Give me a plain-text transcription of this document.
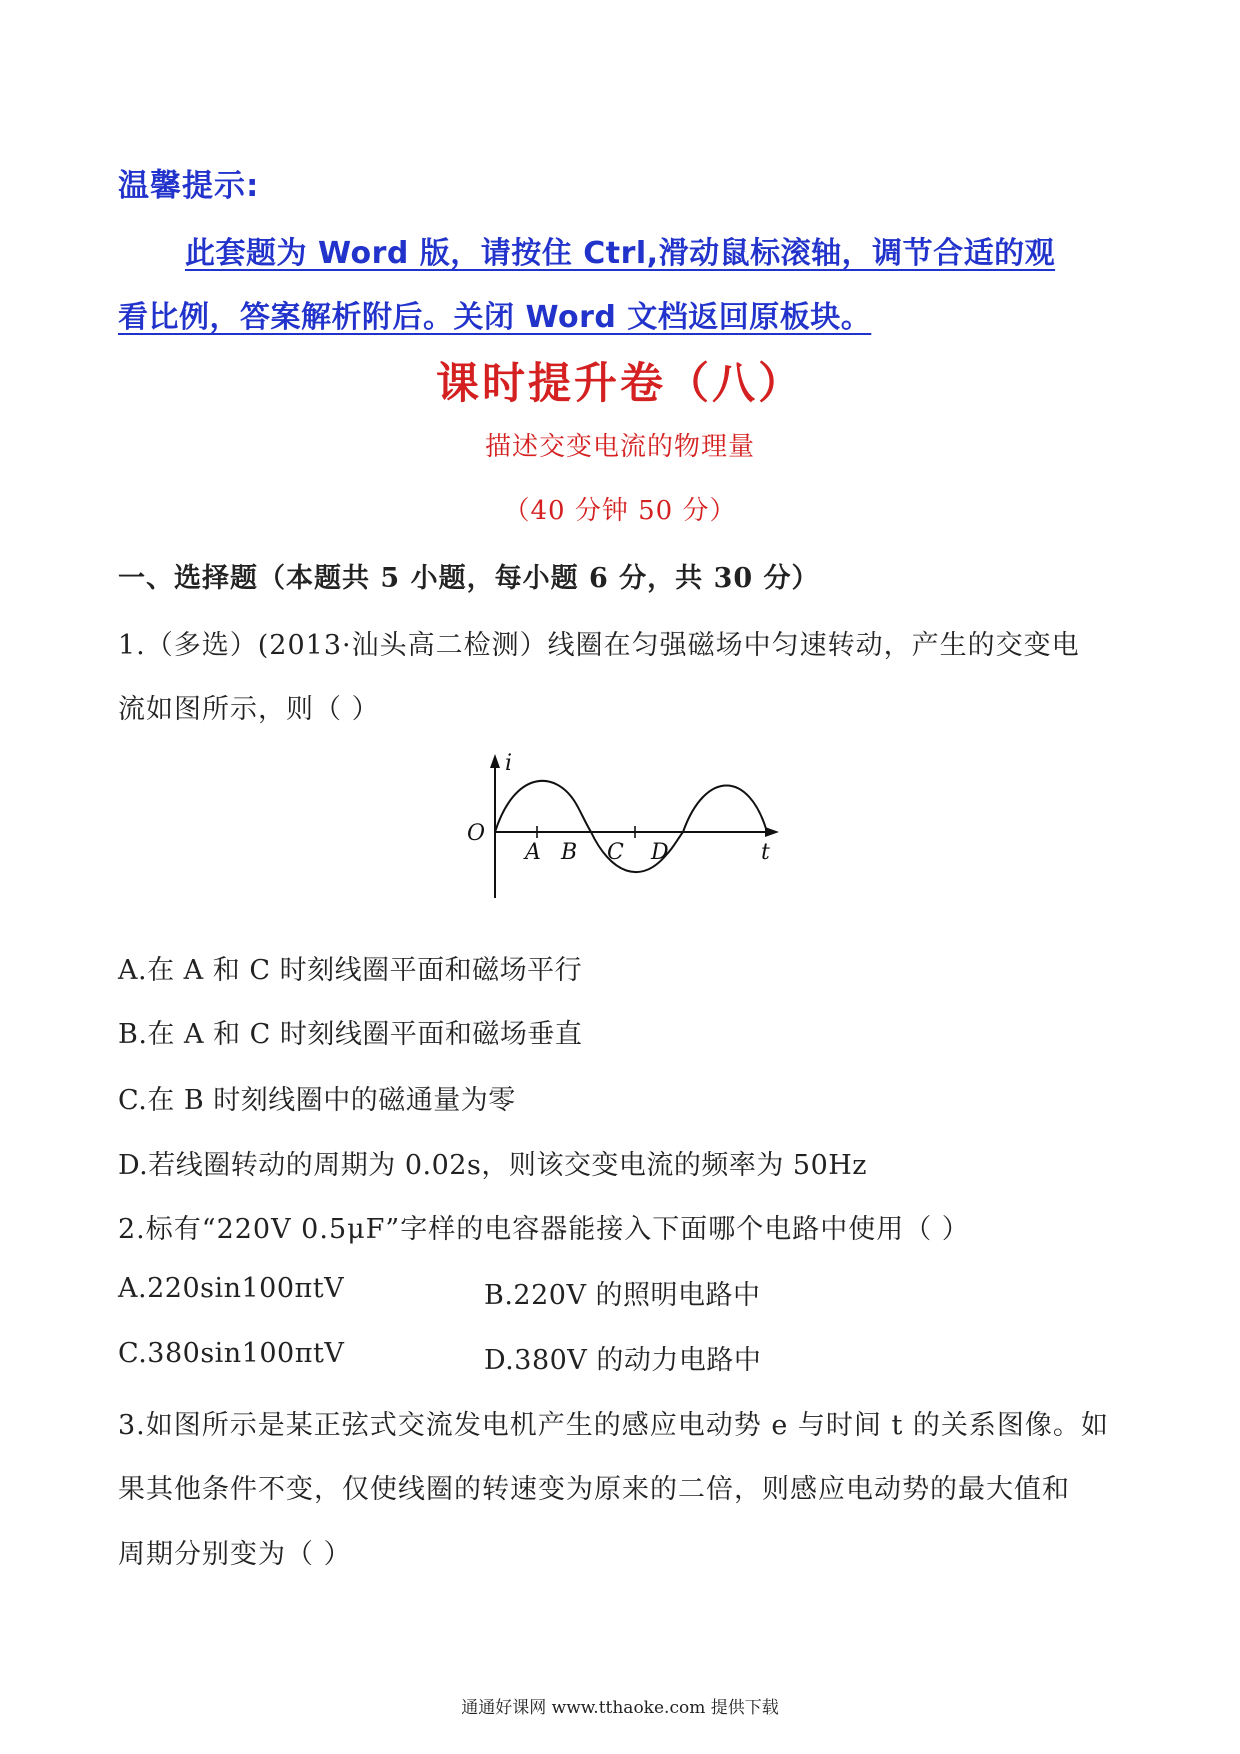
温馨提示:
此套题为 Word 版，请按住 Ctrl,滑动鼠标滚轴，调节合适的观
看比例，答案解析附后。关闭 Word 文档返回原板块。
课时提升卷（八）
描述交变电流的物理量
（40 分钟 50 分）
一、选择题（本题共 5 小题，每小题 6 分，共 30 分）
1.（多选）(2013·汕头高二检测）线圈在匀强磁场中匀速转动，产生的交变电
流如图所示，则（ ）
i
t
O
A B C D
A.在 A 和 C 时刻线圈平面和磁场平行
B.在 A 和 C 时刻线圈平面和磁场垂直
C.在 B 时刻线圈中的磁通量为零
D.若线圈转动的周期为 0.02s，则该交变电流的频率为 50Hz
2.标有“220V 0.5μF”字样的电容器能接入下面哪个电路中使用（ ）
A.220sin100πtV	B.220V 的照明电路中
C.380sin100πtV	D.380V 的动力电路中
3.如图所示是某正弦式交流发电机产生的感应电动势 e 与时间 t 的关系图像。如
果其他条件不变，仅使线圈的转速变为原来的二倍，则感应电动势的最大值和
周期分别变为（ ）
通通好课网 www.tthaoke.com 提供下载
